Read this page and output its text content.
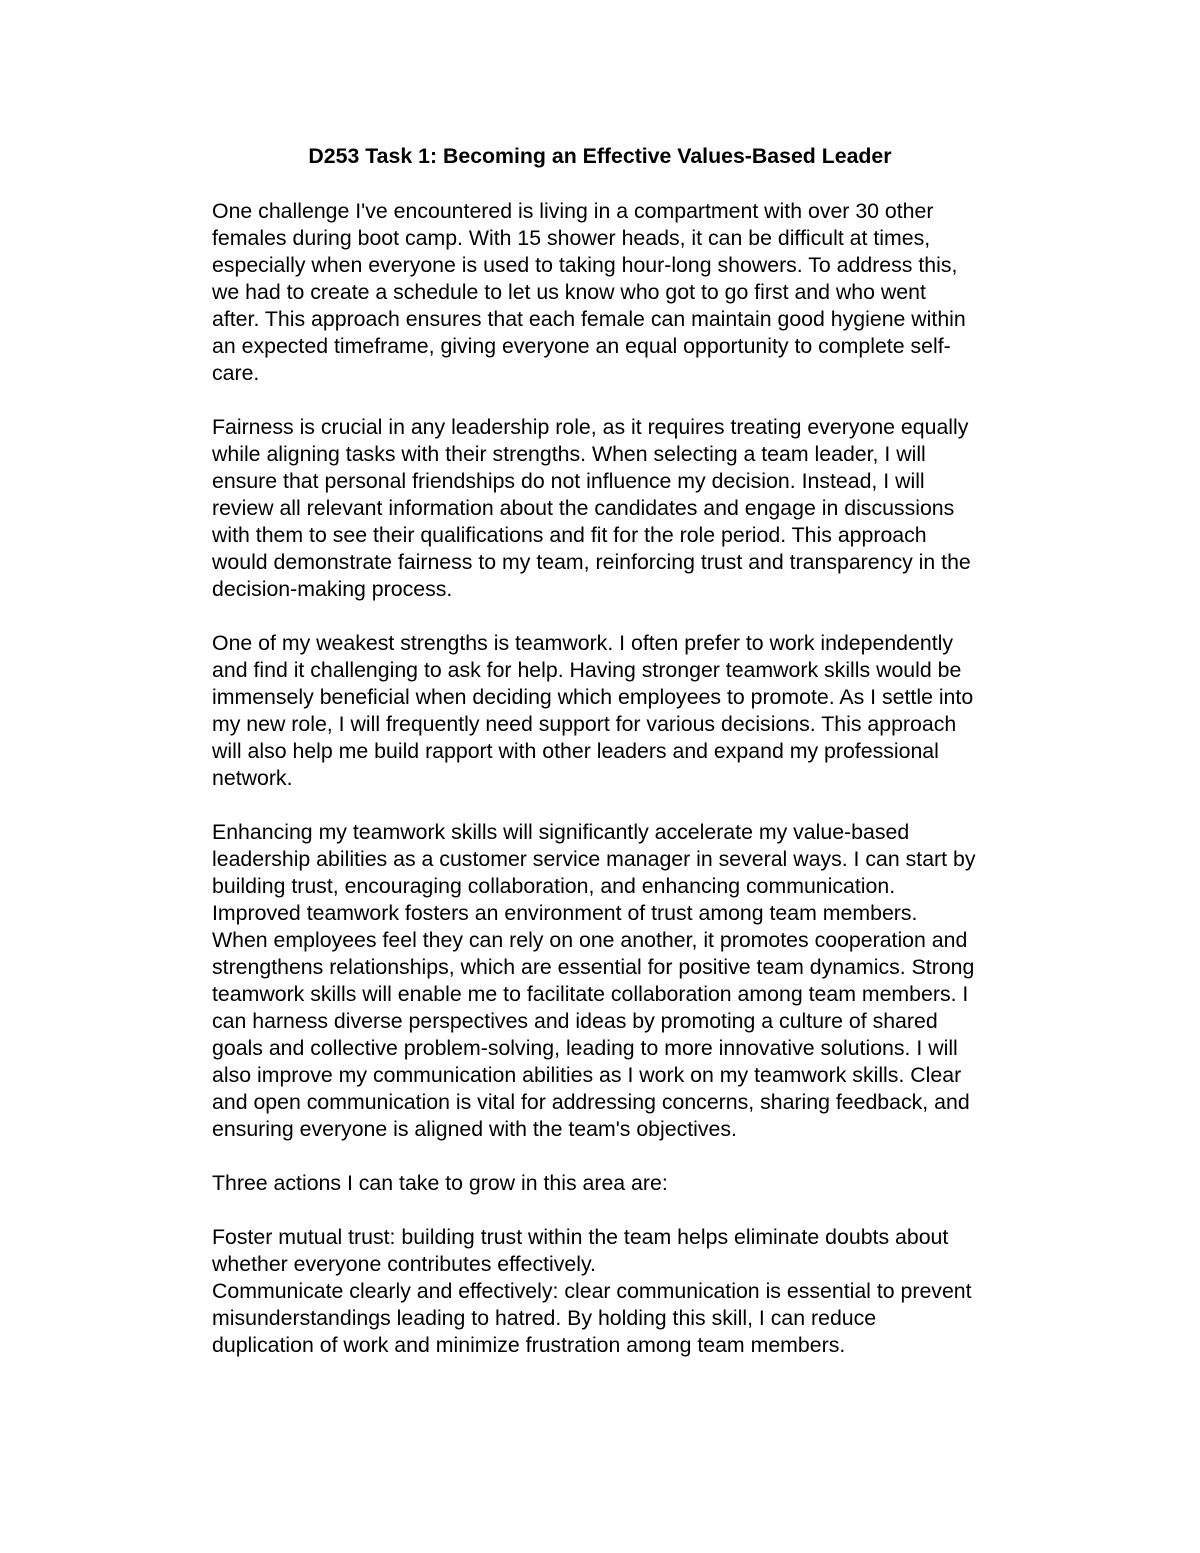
D253 Task 1: Becoming an Effective Values-Based Leader

One challenge I've encountered is living in a compartment with over 30 other
females during boot camp. With 15 shower heads, it can be difficult at times,
especially when everyone is used to taking hour-long showers. To address this,
we had to create a schedule to let us know who got to go first and who went
after. This approach ensures that each female can maintain good hygiene within
an expected timeframe, giving everyone an equal opportunity to complete self-
care.

Fairness is crucial in any leadership role, as it requires treating everyone equally
while aligning tasks with their strengths. When selecting a team leader, I will
ensure that personal friendships do not influence my decision. Instead, I will
review all relevant information about the candidates and engage in discussions
with them to see their qualifications and fit for the role period. This approach
would demonstrate fairness to my team, reinforcing trust and transparency in the
decision-making process.

One of my weakest strengths is teamwork. I often prefer to work independently
and find it challenging to ask for help. Having stronger teamwork skills would be
immensely beneficial when deciding which employees to promote. As I settle into
my new role, I will frequently need support for various decisions. This approach
will also help me build rapport with other leaders and expand my professional
network.

Enhancing my teamwork skills will significantly accelerate my value-based
leadership abilities as a customer service manager in several ways. I can start by
building trust, encouraging collaboration, and enhancing communication.
Improved teamwork fosters an environment of trust among team members.
When employees feel they can rely on one another, it promotes cooperation and
strengthens relationships, which are essential for positive team dynamics. Strong
teamwork skills will enable me to facilitate collaboration among team members. I
can harness diverse perspectives and ideas by promoting a culture of shared
goals and collective problem-solving, leading to more innovative solutions. I will
also improve my communication abilities as I work on my teamwork skills. Clear
and open communication is vital for addressing concerns, sharing feedback, and
ensuring everyone is aligned with the team's objectives.

Three actions I can take to grow in this area are:

Foster mutual trust: building trust within the team helps eliminate doubts about
whether everyone contributes effectively.

Communicate clearly and effectively: clear communication is essential to prevent
misunderstandings leading to hatred. By holding this skill, I can reduce
duplication of work and minimize frustration among team members.
